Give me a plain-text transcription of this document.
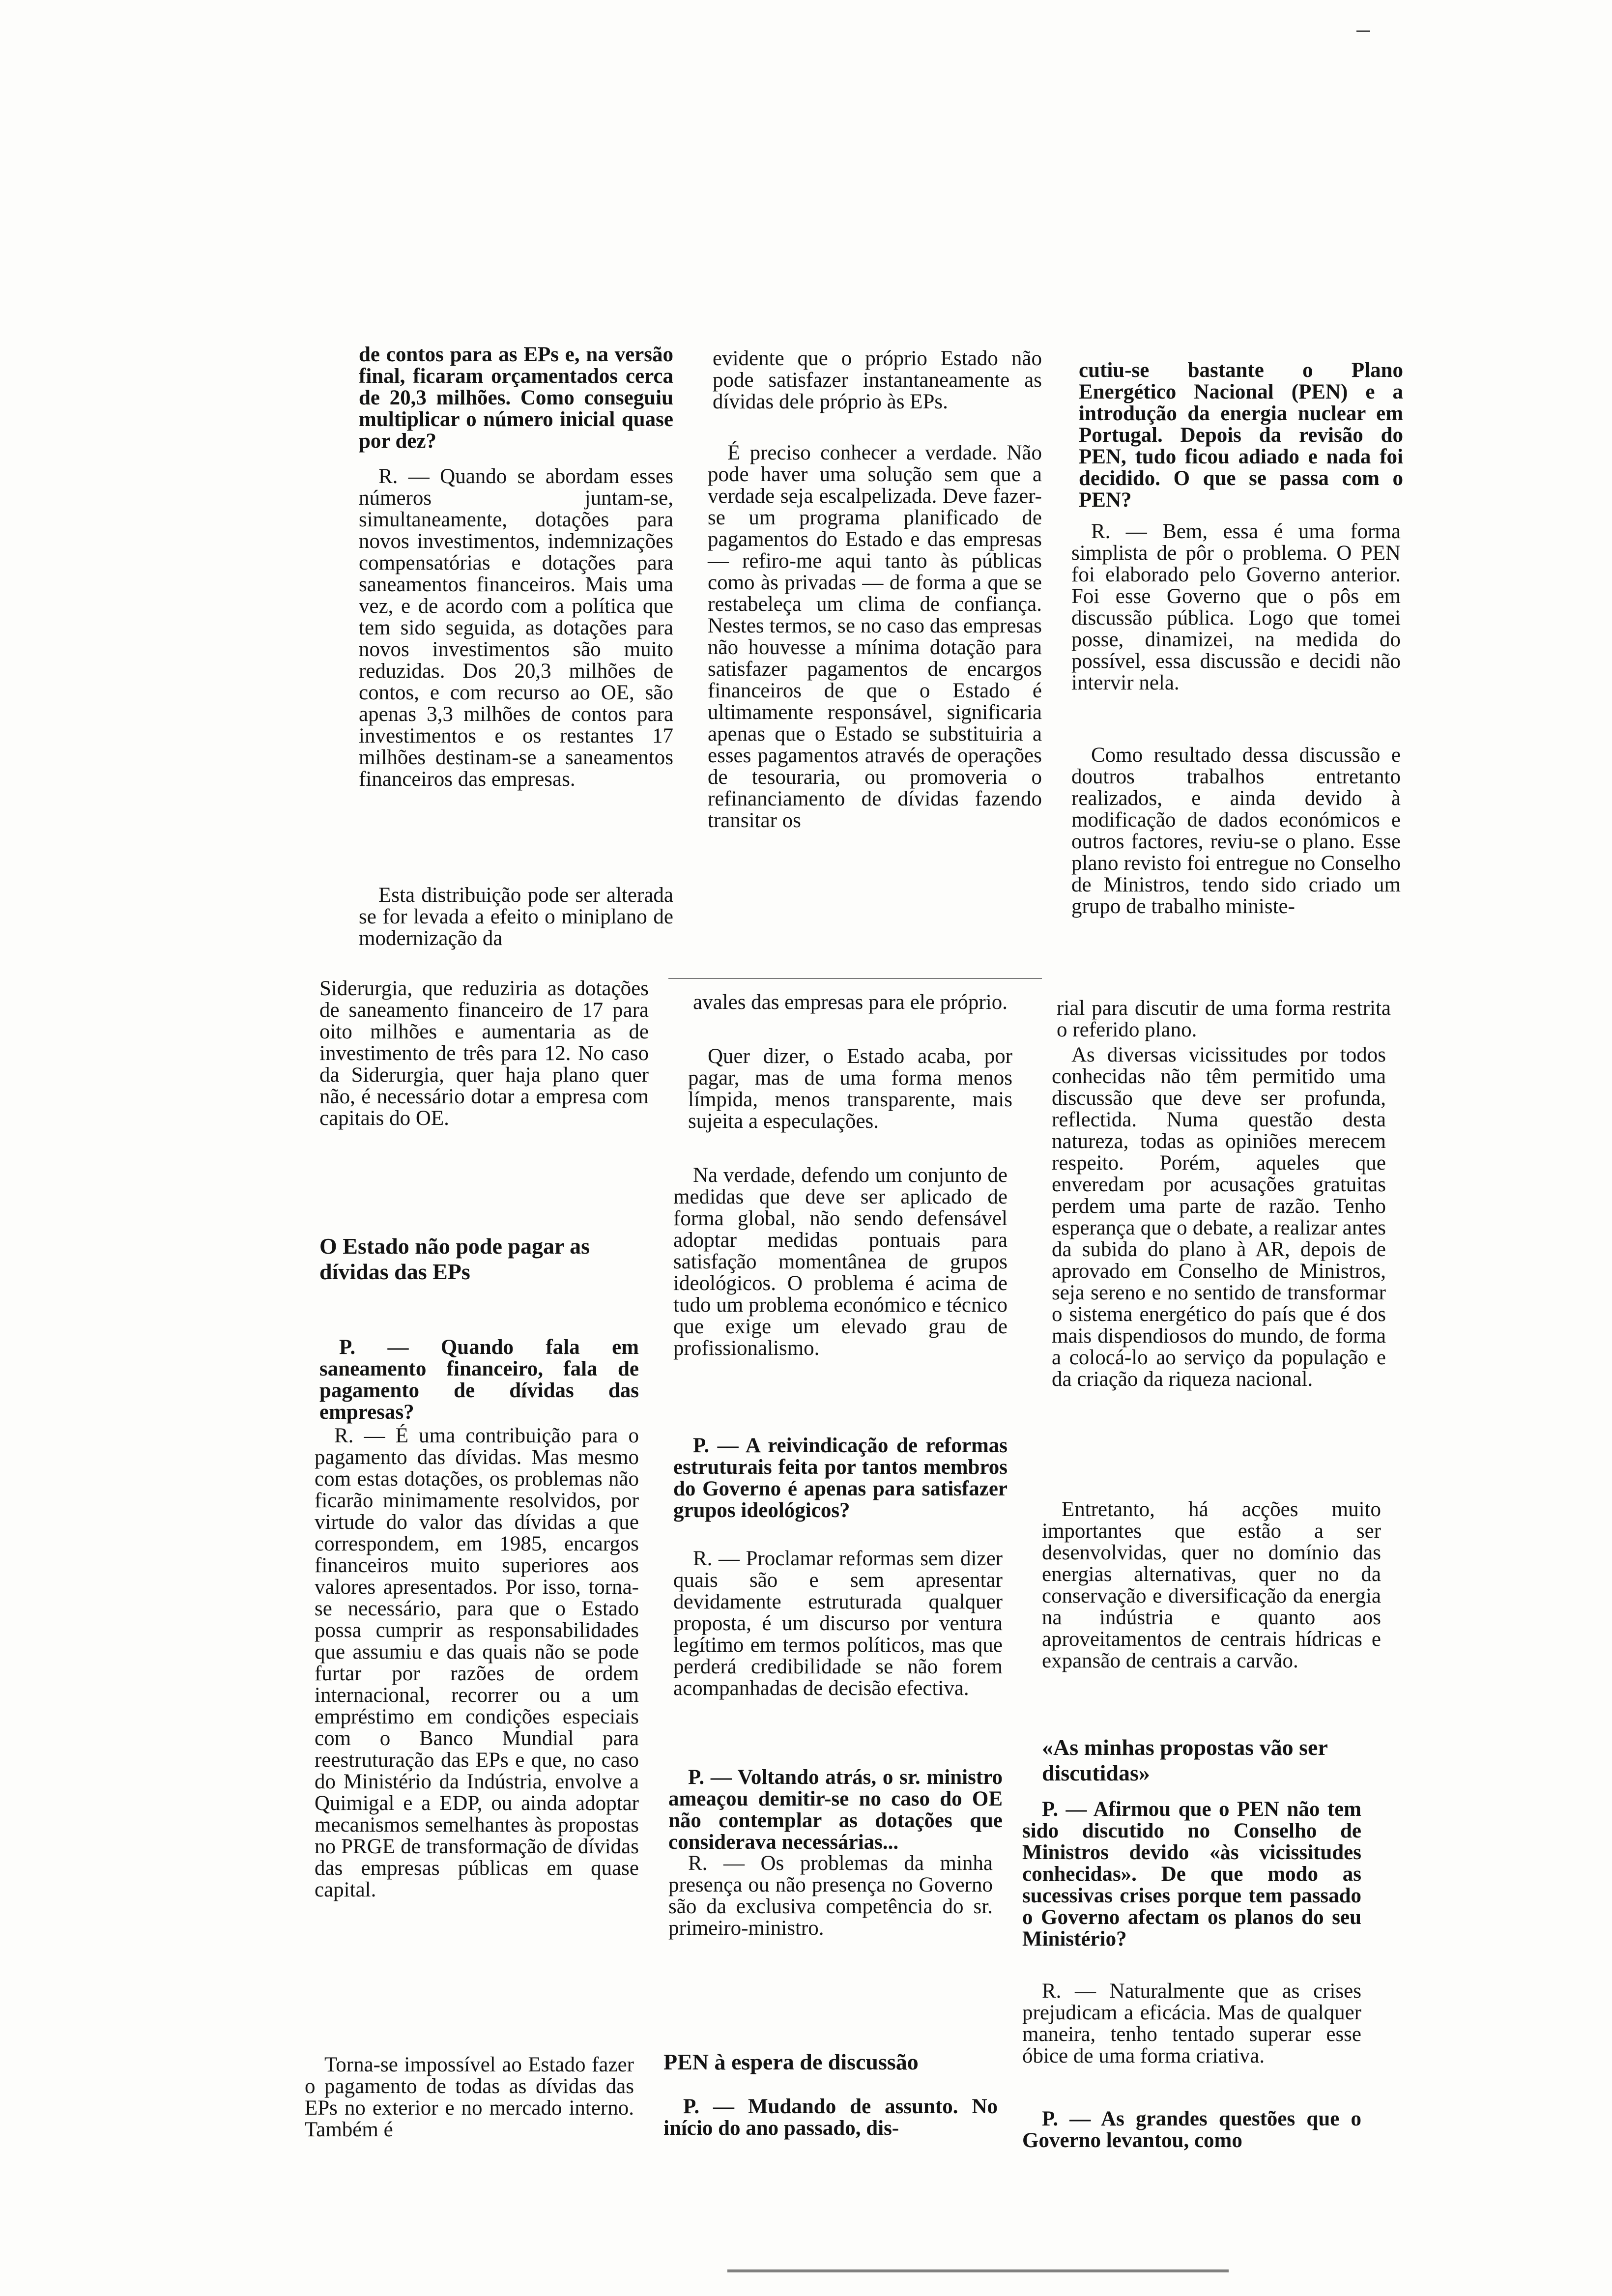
de contos para as EPs e, na versão final, ficaram orçamentados cerca de 20,3 milhões. Como conseguiu multiplicar o número inicial quase por dez?

R. — Quando se abordam esses números juntam-se, simultaneamente, dotações para novos investimentos, indemnizações compensatórias e dotações para saneamentos financeiros. Mais uma vez, e de acordo com a política que tem sido seguida, as dotações para novos investimentos são muito reduzidas. Dos 20,3 milhões de contos, e com recurso ao OE, são apenas 3,3 milhões de contos para investimentos e os restantes 17 milhões destinam-se a saneamentos financeiros das empresas.

Esta distribuição pode ser alterada se for levada a efeito o miniplano de modernização da

Siderurgia, que reduziria as dotações de saneamento financeiro de 17 para oito milhões e aumentaria as de investimento de três para 12. No caso da Siderurgia, quer haja plano quer não, é necessário dotar a empresa com capitais do OE.

O Estado não pode pagar as dívidas das EPs

P. — Quando fala em saneamento financeiro, fala de pagamento de dívidas das empresas?

R. — É uma contribuição para o pagamento das dívidas. Mas mesmo com estas dotações, os problemas não ficarão minimamente resolvidos, por virtude do valor das dívidas a que correspondem, em 1985, encargos financeiros muito superiores aos valores apresentados. Por isso, torna-se necessário, para que o Estado possa cumprir as responsabilidades que assumiu e das quais não se pode furtar por razões de ordem internacional, recorrer ou a um empréstimo em condições especiais com o Banco Mundial para reestruturação das EPs e que, no caso do Ministério da Indústria, envolve a Quimigal e a EDP, ou ainda adoptar mecanismos semelhantes às propostas no PRGE de transformação de dívidas das empresas públicas em quase capital.

Torna-se impossível ao Estado fazer o pagamento de todas as dívidas das EPs no exterior e no mercado interno. Também é

evidente que o próprio Estado não pode satisfazer instantaneamente as dívidas dele próprio às EPs.

É preciso conhecer a verdade. Não pode haver uma solução sem que a verdade seja escalpelizada. Deve fazer-se um programa planificado de pagamentos do Estado e das empresas — refiro-me aqui tanto às públicas como às privadas — de forma a que se restabeleça um clima de confiança. Nestes termos, se no caso das empresas não houvesse a mínima dotação para satisfazer pagamentos de encargos financeiros de que o Estado é ultimamente responsável, significaria apenas que o Estado se substituiria a esses pagamentos através de operações de tesouraria, ou promoveria o refinanciamento de dívidas fazendo transitar os

avales das empresas para ele próprio.

Quer dizer, o Estado acaba, por pagar, mas de uma forma menos límpida, menos transparente, mais sujeita a especulações.

Na verdade, defendo um conjunto de medidas que deve ser aplicado de forma global, não sendo defensável adoptar medidas pontuais para satisfação momentânea de grupos ideológicos. O problema é acima de tudo um problema económico e técnico que exige um elevado grau de profissionalismo.

P. — A reivindicação de reformas estruturais feita por tantos membros do Governo é apenas para satisfazer grupos ideológicos?

R. — Proclamar reformas sem dizer quais são e sem apresentar devidamente estruturada qualquer proposta, é um discurso por ventura legítimo em termos políticos, mas que perderá credibilidade se não forem acompanhadas de decisão efectiva.

P. — Voltando atrás, o sr. ministro ameaçou demitir-se no caso do OE não contemplar as dotações que considerava necessárias...

R. — Os problemas da minha presença ou não presença no Governo são da exclusiva competência do sr. primeiro-ministro.

PEN à espera de discussão

P. — Mudando de assunto. No início do ano passado, dis-

cutiu-se bastante o Plano Energético Nacional (PEN) e a introdução da energia nuclear em Portugal. Depois da revisão do PEN, tudo ficou adiado e nada foi decidido. O que se passa com o PEN?

R. — Bem, essa é uma forma simplista de pôr o problema. O PEN foi elaborado pelo Governo anterior. Foi esse Governo que o pôs em discussão pública. Logo que tomei posse, dinamizei, na medida do possível, essa discussão e decidi não intervir nela.

Como resultado dessa discussão e doutros trabalhos entretanto realizados, e ainda devido à modificação de dados económicos e outros factores, reviu-se o plano. Esse plano revisto foi entregue no Conselho de Ministros, tendo sido criado um grupo de trabalho ministe-

rial para discutir de uma forma restrita o referido plano.

As diversas vicissitudes por todos conhecidas não têm permitido uma discussão que deve ser profunda, reflectida. Numa questão desta natureza, todas as opiniões merecem respeito. Porém, aqueles que enveredam por acusações gratuitas perdem uma parte de razão. Tenho esperança que o debate, a realizar antes da subida do plano à AR, depois de aprovado em Conselho de Ministros, seja sereno e no sentido de transformar o sistema energético do país que é dos mais dispendiosos do mundo, de forma a colocá-lo ao serviço da população e da criação da riqueza nacional.

Entretanto, há acções muito importantes que estão a ser desenvolvidas, quer no domínio das energias alternativas, quer no da conservação e diversificação da energia na indústria e quanto aos aproveitamentos de centrais hídricas e expansão de centrais a carvão.

«As minhas propostas vão ser discutidas»

P. — Afirmou que o PEN não tem sido discutido no Conselho de Ministros devido «às vicissitudes conhecidas». De que modo as sucessivas crises porque tem passado o Governo afectam os planos do seu Ministério?

R. — Naturalmente que as crises prejudicam a eficácia. Mas de qualquer maneira, tenho tentado superar esse óbice de uma forma criativa.

P. — As grandes questões que o Governo levantou, como
